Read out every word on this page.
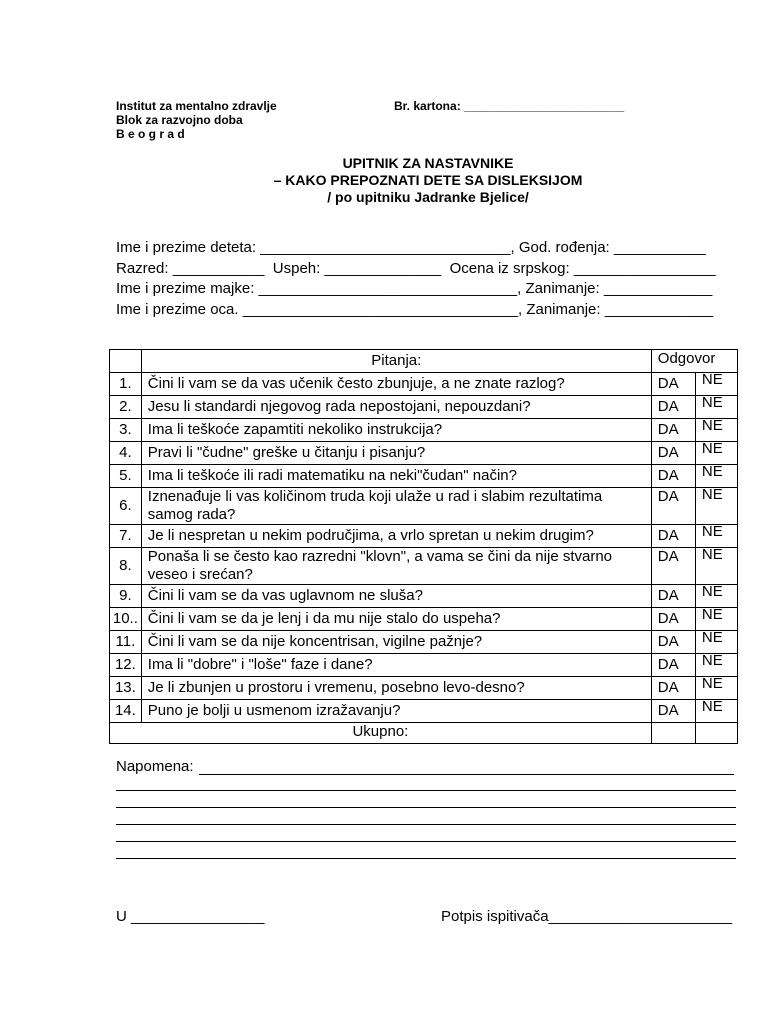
Institut za mentalno zdravlje
Blok za razvojno doba
B e o g r a d
Br. kartona: ________________________
UPITNIK ZA NASTAVNIKE
– KAKO PREPOZNATI DETE SA DISLEKSIJOM
/ po upitniku Jadranke Bjelice/
Ime i prezime deteta: ______________________________, God. rođenja: ___________
Razred: ___________  Uspeh: ______________  Ocena iz srpskog: _________________
Ime i prezime majke: _______________________________, Zanimanje: _____________
Ime i prezime oca. _________________________________, Zanimanje: _____________
	Pitanja:	Odgovor	
1.	Čini li vam se da vas učenik često zbunjuje, a ne znate razlog?	DA	NE
2.	Jesu li standardi njegovog rada nepostojani, nepouzdani?	DA	NE
3.	Ima li teškoće zapamtiti nekoliko instrukcija?	DA	NE
4.	Pravi li "čudne" greške u čitanju i pisanju?	DA	NE
5.	Ima li teškoće ili radi matematiku na neki"čudan" način?	DA	NE
6.	Iznenađuje li vas količinom truda koji ulaže u rad i slabim rezultatima samog rada?	DA	NE
7.	Je li nespretan u nekim područjima, a vrlo spretan u nekim drugim?	DA	NE
8.	Ponaša li se često kao razredni "klovn", a vama se čini da nije stvarno veseo i srećan?	DA	NE
9.	Čini li vam se da vas uglavnom ne sluša?	DA	NE
10..	Čini li vam se da je lenj i da mu nije stalo do uspeha?	DA	NE
11.	Čini li vam se da nije koncentrisan, vigilne pažnje?	DA	NE
12.	Ima li "dobre" i "loše" faze i dane?	DA	NE
13.	Je li zbunjen u prostoru i vremenu, posebno levo-desno?	DA	NE
14.	Puno je bolji u usmenom izražavanju?	DA	NE
Ukupno:			
Napomena:
U ________________	Potpis ispitivača______________________
